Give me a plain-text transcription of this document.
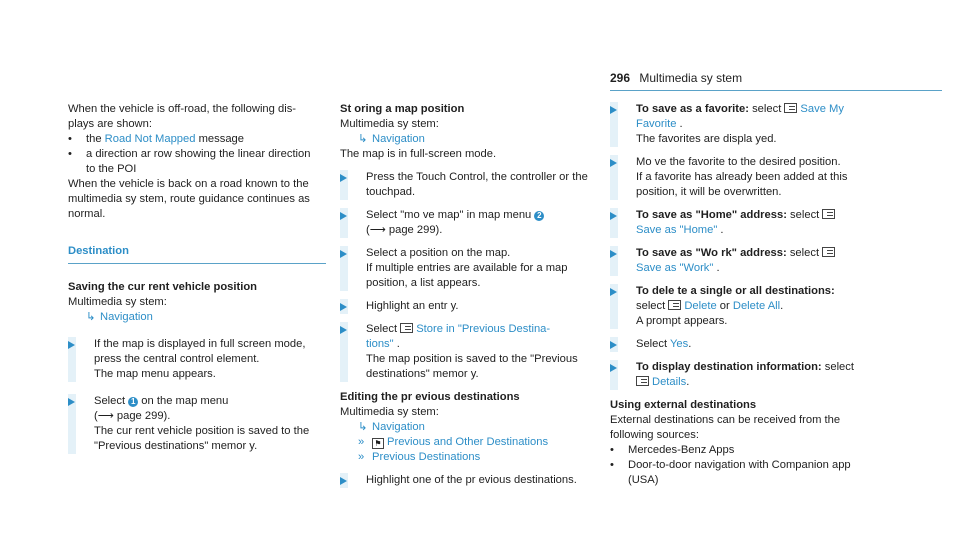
296 Multimedia sy stem

When the vehicle is off-road, the following dis-

plays are shown:

•	the Road Not Mapped message
•	a direction ar row showing the linear direction
to the POI

When the vehicle is back on a road known to the

multimedia sy stem, route guidance continues as

normal.

Destination

Saving the cur rent vehicle position

Multimedia sy stem:

↳ Navigation

If the map is displayed in full screen mode,

press the central control element.

The map menu appears.

Select 1 on the map menu

(⟶ page 299).

The cur rent vehicle position is saved to the

"Previous destinations" memor y.

St oring a map position

Multimedia sy stem:

↳ Navigation

The map is in full-screen mode.

Press the Touch Control, the controller or the

touchpad.

Select "mo ve map" in map menu 2

(⟶ page 299).

Select a position on the map.

If multiple entries are available for a map

position, a list appears.

Highlight an entr y.

Select Store in "Previous Destina-

tions" .

The map position is saved to the "Previous

destinations" memor y.

Editing the pr evious destinations

Multimedia sy stem:

↳ Navigation

» ⚑ Previous and Other Destinations

» Previous Destinations

Highlight one of the pr evious destinations.

To save as a favorite: select Save My

Favorite .

The favorites are displa yed.

Mo ve the favorite to the desired position.

If a favorite has already been added at this

position, it will be overwritten.

To save as "Home" address: select

Save as "Home" .

To save as "Wo rk" address: select

Save as "Work" .

To dele te a single or all destinations:

select Delete or Delete All.

A prompt appears.

Select Yes.

To display destination information: select

Details.

Using external destinations

External destinations can be received from the

following sources:

•	Mercedes-Benz Apps
•	Door-to-door navigation with Companion app
(USA)
